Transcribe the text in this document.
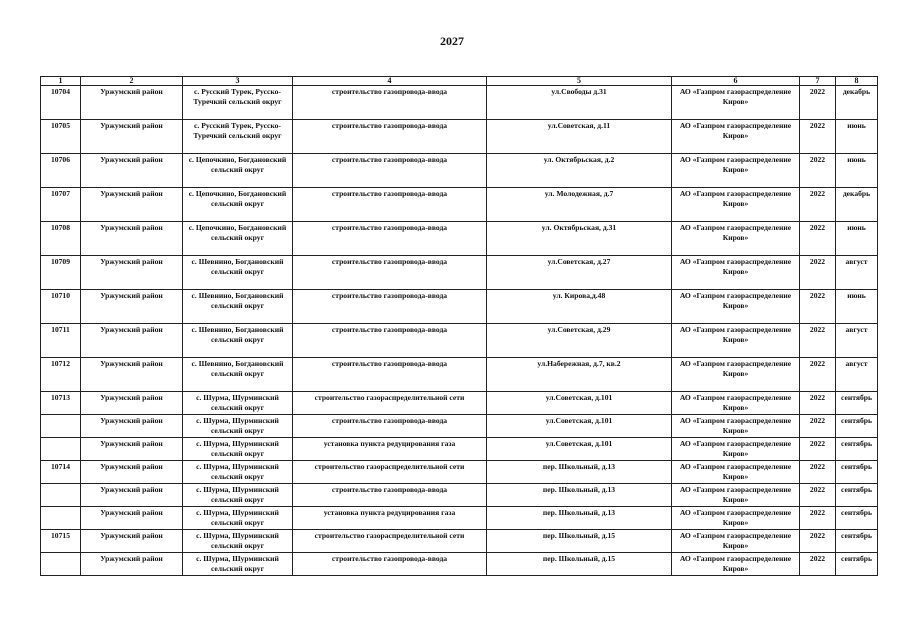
2027
1	2	3	4	5	6	7	8
10704	Уржумский район	с. Русский Турек, Русско-Туречкий сельский округ	строительство газопровода-ввода	ул.Свободы д.31	АО «Газпром газораспределение Киров»	2022	декабрь
10705	Уржумский район	с. Русский Турек, Русско-Туречкий сельский округ	строительство газопровода-ввода	ул.Советская, д.11	АО «Газпром газораспределение Киров»	2022	июнь
10706	Уржумский район	с. Цепочкино, Богдановский сельский округ	строительство газопровода-ввода	ул. Октябрьская, д.2	АО «Газпром газораспределение Киров»	2022	июнь
10707	Уржумский район	с. Цепочкино, Богдановский сельский округ	строительство газопровода-ввода	ул. Молодежная, д.7	АО «Газпром газораспределение Киров»	2022	декабрь
10708	Уржумский район	с. Цепочкино, Богдановский сельский округ	строительство газопровода-ввода	ул. Октябрьская, д.31	АО «Газпром газораспределение Киров»	2022	июнь
10709	Уржумский район	с. Шевнино, Богдановский сельский округ	строительство газопровода-ввода	ул.Советская, д.27	АО «Газпром газораспределение Киров»	2022	август
10710	Уржумский район	с. Шевнино, Богдановский сельский округ	строительство газопровода-ввода	ул. Кирова,д.48	АО «Газпром газораспределение Киров»	2022	июнь
10711	Уржумский район	с. Шевнино, Богдановский сельский округ	строительство газопровода-ввода	ул.Советская, д.29	АО «Газпром газораспределение Киров»	2022	август
10712	Уржумский район	с. Шевнино, Богдановский сельский округ	строительство газопровода-ввода	ул.Набережная, д.7, кв.2	АО «Газпром газораспределение Киров»	2022	август
10713	Уржумский район	с. Шурма, Шурминский сельский округ	строительство газораспределительной сети	ул.Советская, д.101	АО «Газпром газораспределение Киров»	2022	сентябрь
	Уржумский район	с. Шурма, Шурминский сельский округ	строительство газопровода-ввода	ул.Советская, д.101	АО «Газпром газораспределение Киров»	2022	сентябрь
	Уржумский район	с. Шурма, Шурминский сельский округ	установка пункта редуцирования газа	ул.Советская, д.101	АО «Газпром газораспределение Киров»	2022	сентябрь
10714	Уржумский район	с. Шурма, Шурминский сельский округ	строительство газораспределительной сети	пер. Школьный, д.13	АО «Газпром газораспределение Киров»	2022	сентябрь
	Уржумский район	с. Шурма, Шурминский сельский округ	строительство газопровода-ввода	пер. Школьный, д.13	АО «Газпром газораспределение Киров»	2022	сентябрь
	Уржумский район	с. Шурма, Шурминский сельский округ	установка пункта редуцирования газа	пер. Школьный, д.13	АО «Газпром газораспределение Киров»	2022	сентябрь
10715	Уржумский район	с. Шурма, Шурминский сельский округ	строительство газораспределительной сети	пер. Школьный, д.15	АО «Газпром газораспределение Киров»	2022	сентябрь
	Уржумский район	с. Шурма, Шурминский сельский округ	строительство газопровода-ввода	пер. Школьный, д.15	АО «Газпром газораспределение Киров»	2022	сентябрь
